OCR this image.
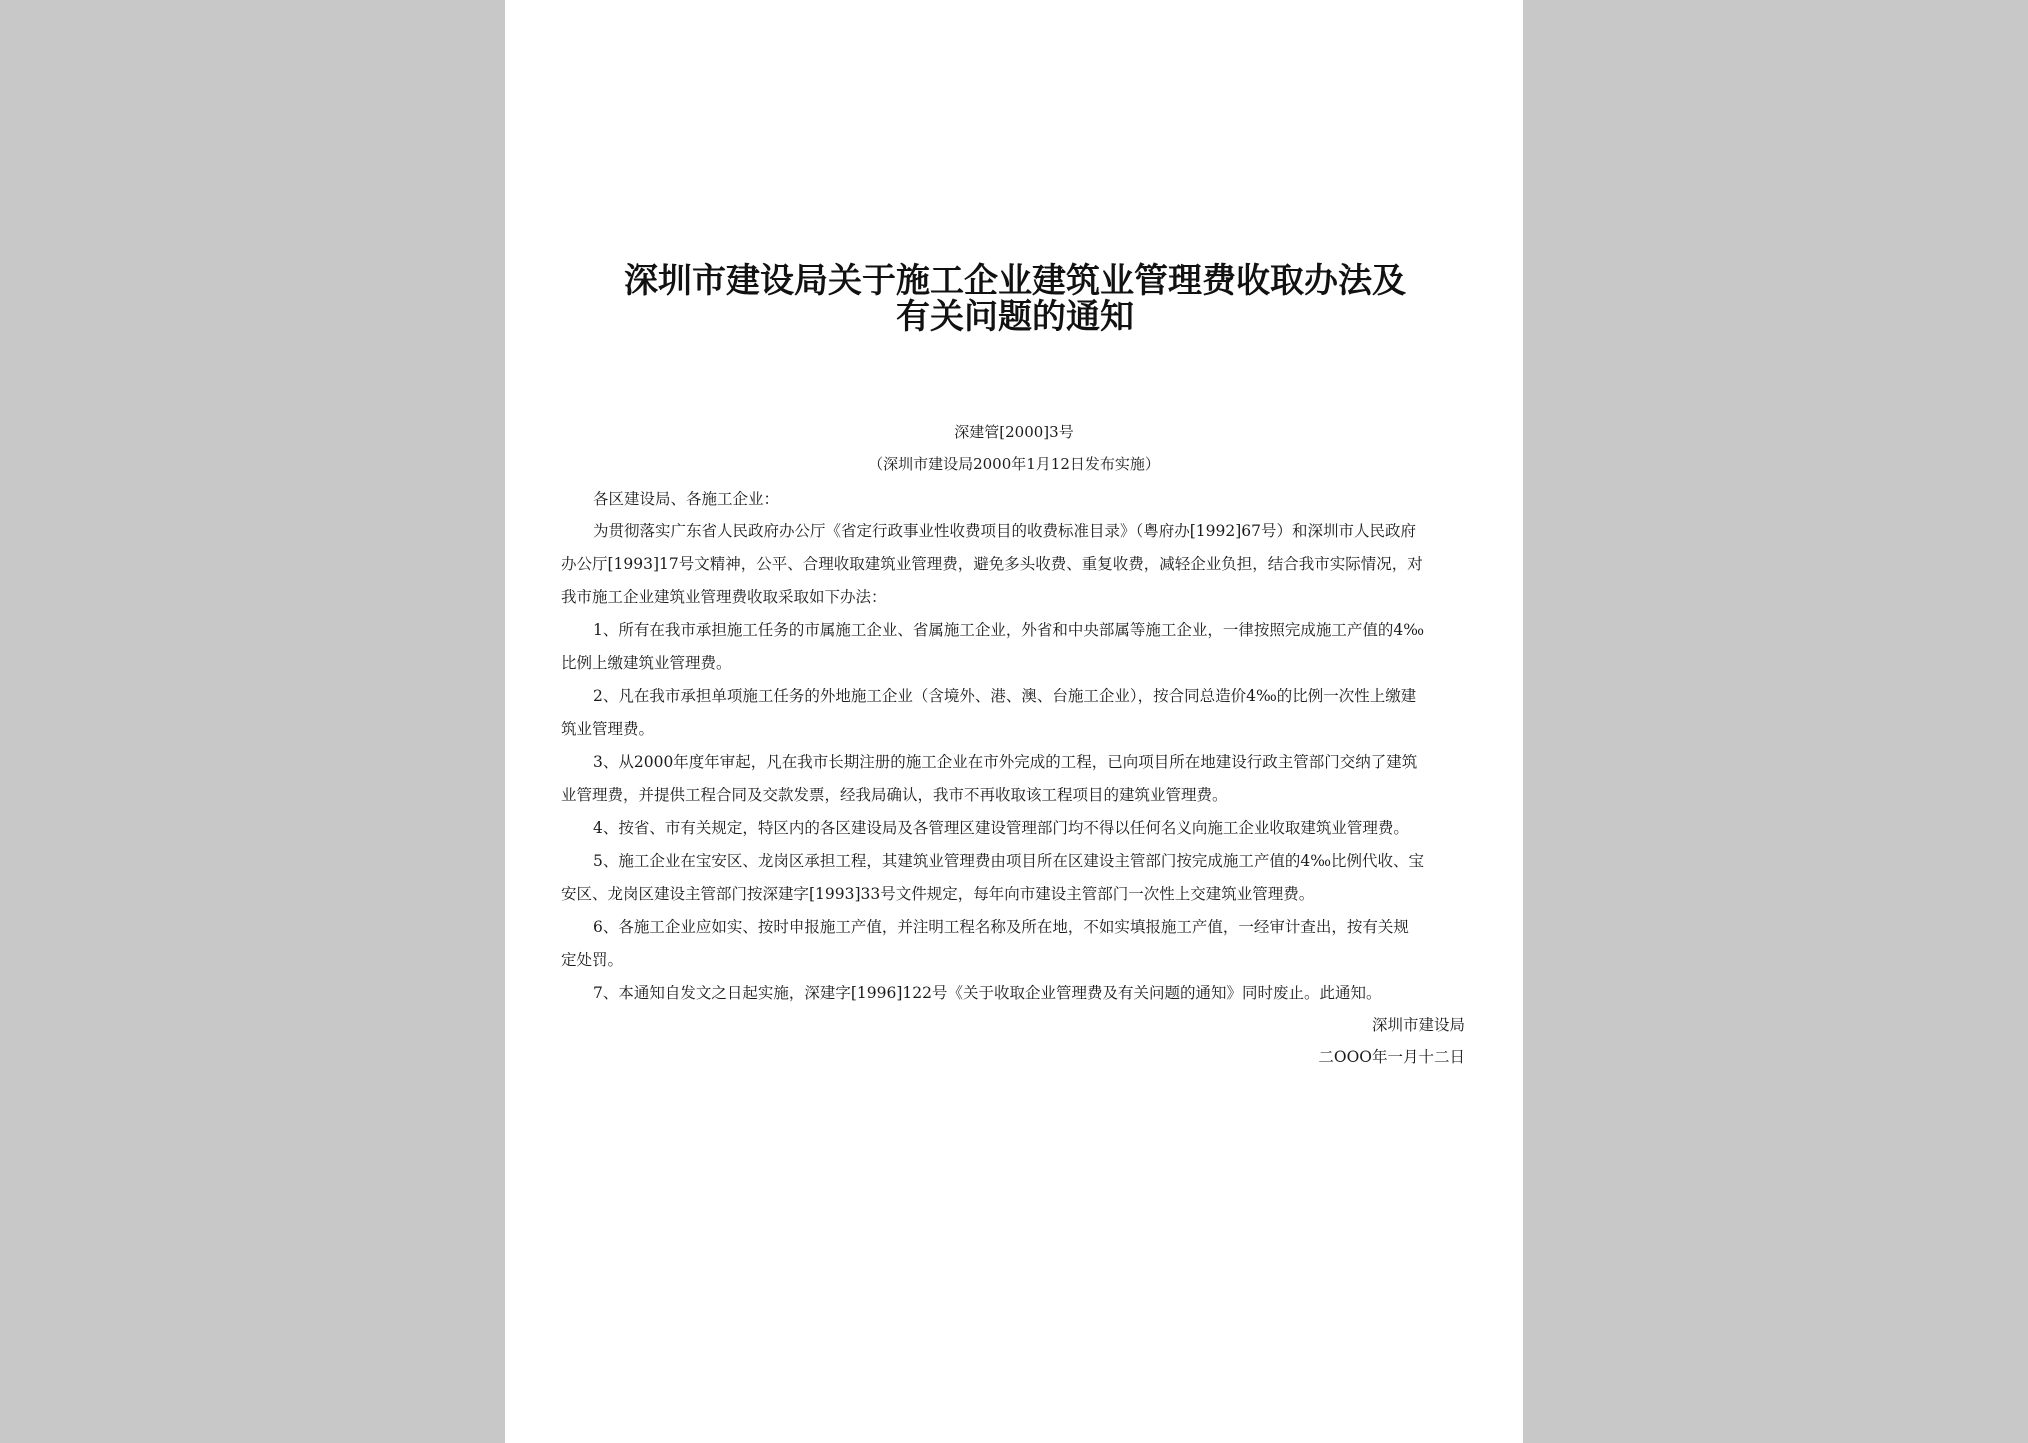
深圳市建设局关于施工企业建筑业管理费收取办法及
有关问题的通知

深建管[2000]3号

（深圳市建设局2000年1月12日发布实施）

各区建设局、各施工企业：

为贯彻落实广东省人民政府办公厅《省定行政事业性收费项目的收费标准目录》（粤府办[1992]67号）和深圳市人民政府

办公厅[1993]17号文精神，公平、合理收取建筑业管理费，避免多头收费、重复收费，减轻企业负担，结合我市实际情况，对

我市施工企业建筑业管理费收取采取如下办法：

1、所有在我市承担施工任务的市属施工企业、省属施工企业，外省和中央部属等施工企业，一律按照完成施工产值的4‰

比例上缴建筑业管理费。

2、凡在我市承担单项施工任务的外地施工企业（含境外、港、澳、台施工企业），按合同总造价4‰的比例一次性上缴建

筑业管理费。

3、从2000年度年审起，凡在我市长期注册的施工企业在市外完成的工程，已向项目所在地建设行政主管部门交纳了建筑

业管理费，并提供工程合同及交款发票，经我局确认，我市不再收取该工程项目的建筑业管理费。

4、按省、市有关规定，特区内的各区建设局及各管理区建设管理部门均不得以任何名义向施工企业收取建筑业管理费。

5、施工企业在宝安区、龙岗区承担工程，其建筑业管理费由项目所在区建设主管部门按完成施工产值的4‰比例代收、宝

安区、龙岗区建设主管部门按深建字[1993]33号文件规定，每年向市建设主管部门一次性上交建筑业管理费。

6、各施工企业应如实、按时申报施工产值，并注明工程名称及所在地，不如实填报施工产值，一经审计查出，按有关规

定处罚。

7、本通知自发文之日起实施，深建字[1996]122号《关于收取企业管理费及有关问题的通知》同时废止。此通知。

深圳市建设局

二OOO年一月十二日
